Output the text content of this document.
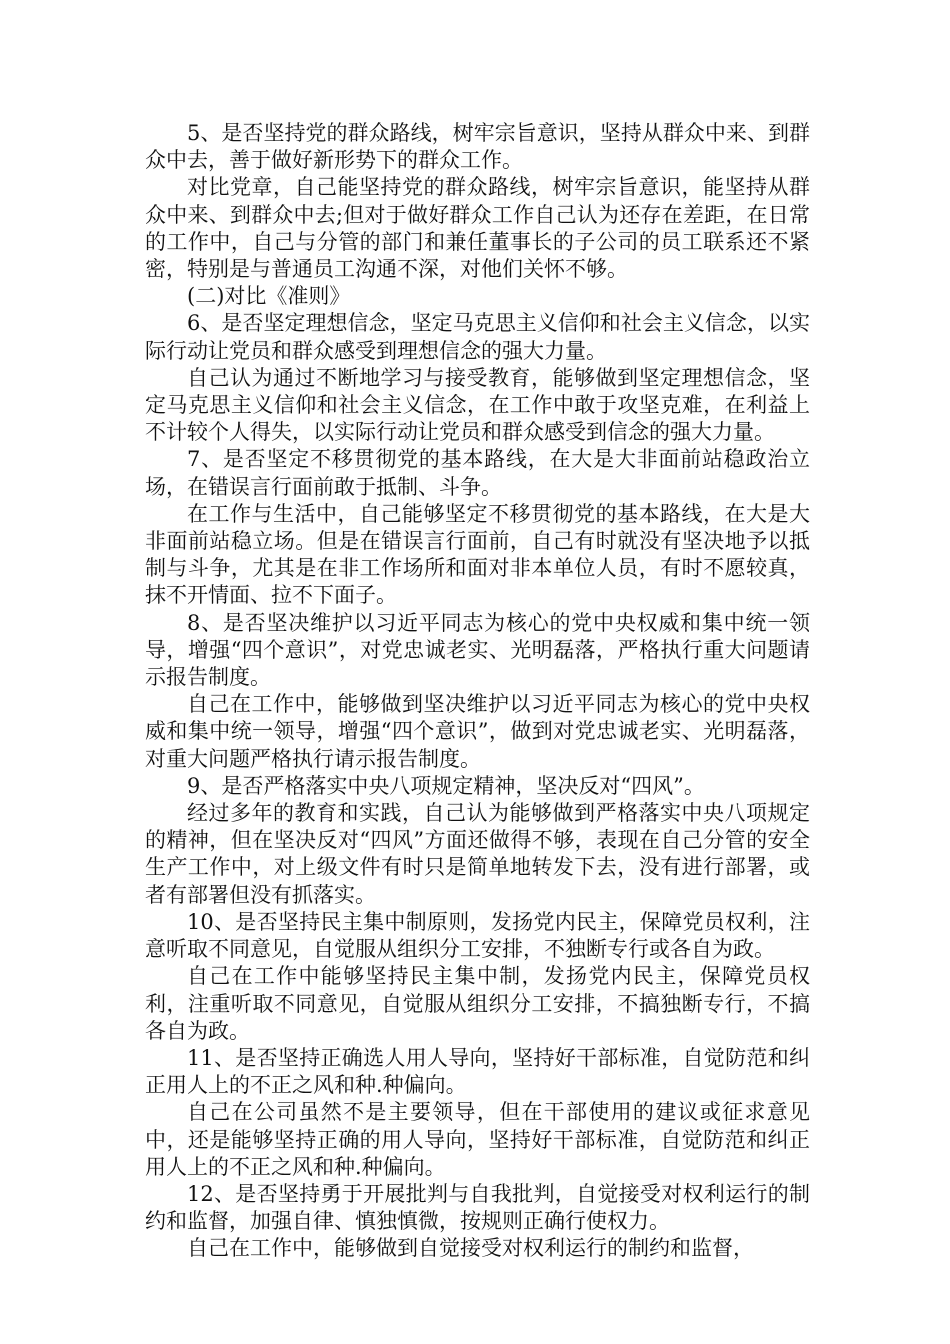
5、是否坚持党的群众路线，树牢宗旨意识，坚持从群众中来、到群众中去，善于做好新形势下的群众工作。

对比党章，自己能坚持党的群众路线，树牢宗旨意识，能坚持从群众中来、到群众中去;但对于做好群众工作自己认为还存在差距，在日常的工作中，自己与分管的部门和兼任董事长的子公司的员工联系还不紧密，特别是与普通员工沟通不深，对他们关怀不够。

(二)对比《准则》

6、是否坚定理想信念，坚定马克思主义信仰和社会主义信念，以实际行动让党员和群众感受到理想信念的强大力量。

自己认为通过不断地学习与接受教育，能够做到坚定理想信念，坚定马克思主义信仰和社会主义信念，在工作中敢于攻坚克难，在利益上不计较个人得失，以实际行动让党员和群众感受到信念的强大力量。

7、是否坚定不移贯彻党的基本路线，在大是大非面前站稳政治立场，在错误言行面前敢于抵制、斗争。

在工作与生活中，自己能够坚定不移贯彻党的基本路线，在大是大非面前站稳立场。但是在错误言行面前，自己有时就没有坚决地予以抵制与斗争，尤其是在非工作场所和面对非本单位人员，有时不愿较真，抹不开情面、拉不下面子。

8、是否坚决维护以习近平同志为核心的党中央权威和集中统一领导，增强“四个意识”，对党忠诚老实、光明磊落，严格执行重大问题请示报告制度。

自己在工作中，能够做到坚决维护以习近平同志为核心的党中央权威和集中统一领导，增强“四个意识”，做到对党忠诚老实、光明磊落，对重大问题严格执行请示报告制度。

9、是否严格落实中央八项规定精神，坚决反对“四风”。

经过多年的教育和实践，自己认为能够做到严格落实中央八项规定的精神，但在坚决反对“四风”方面还做得不够，表现在自己分管的安全生产工作中，对上级文件有时只是简单地转发下去，没有进行部署，或者有部署但没有抓落实。

10、是否坚持民主集中制原则，发扬党内民主，保障党员权利，注意听取不同意见，自觉服从组织分工安排，不独断专行或各自为政。

自己在工作中能够坚持民主集中制，发扬党内民主，保障党员权利，注重听取不同意见，自觉服从组织分工安排，不搞独断专行，不搞各自为政。

11、是否坚持正确选人用人导向，坚持好干部标准，自觉防范和纠正用人上的不正之风和种.种偏向。

自己在公司虽然不是主要领导，但在干部使用的建议或征求意见中，还是能够坚持正确的用人导向，坚持好干部标准，自觉防范和纠正用人上的不正之风和种.种偏向。

12、是否坚持勇于开展批判与自我批判，自觉接受对权利运行的制约和监督，加强自律、慎独慎微，按规则正确行使权力。

自己在工作中，能够做到自觉接受对权利运行的制约和监督，
